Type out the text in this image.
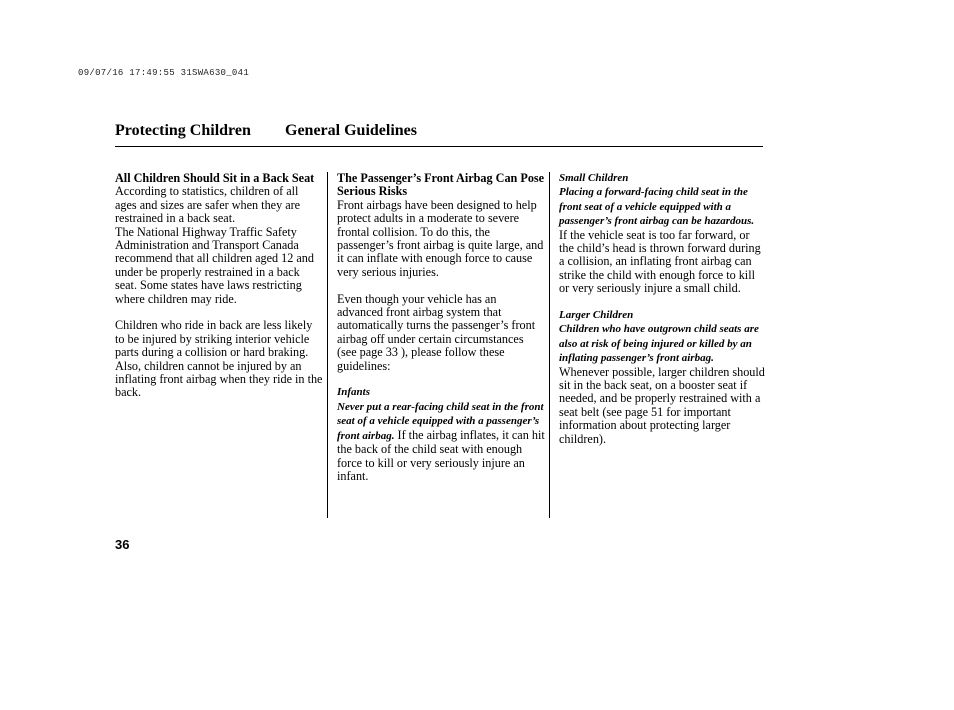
09/07/16 17:49:55 31SWA630_041
Protecting Children General Guidelines

All Children Should Sit in a Back Seat

According to statistics, children of all ages and sizes are safer when they are restrained in a back seat.

The National Highway Traffic Safety Administration and Transport Canada recommend that all children aged 12 and under be properly restrained in a back seat. Some states have laws restricting where children may ride.

Children who ride in back are less likely to be injured by striking interior vehicle parts during a collision or hard braking. Also, children cannot be injured by an inflating front airbag when they ride in the back.

The Passenger’s Front Airbag Can Pose Serious Risks

Front airbags have been designed to help protect adults in a moderate to severe frontal collision. To do this, the passenger’s front airbag is quite large, and it can inflate with enough force to cause very serious injuries.

Even though your vehicle has an advanced front airbag system that automatically turns the passenger’s front airbag off under certain circumstances (see page 33 ), please follow these guidelines:

Infants

Never put a rear-facing child seat in the front seat of a vehicle equipped with a passenger’s front airbag. If the airbag inflates, it can hit the back of the child seat with enough force to kill or very seriously injure an infant.

Small Children

Placing a forward-facing child seat in the front seat of a vehicle equipped with a passenger’s front airbag can be hazardous. If the vehicle seat is too far forward, or the child’s head is thrown forward during a collision, an inflating front airbag can strike the child with enough force to kill or very seriously injure a small child.

Larger Children

Children who have outgrown child seats are also at risk of being injured or killed by an inflating passenger’s front airbag. Whenever possible, larger children should sit in the back seat, on a booster seat if needed, and be properly restrained with a seat belt (see page 51 for important information about protecting larger children).

36
